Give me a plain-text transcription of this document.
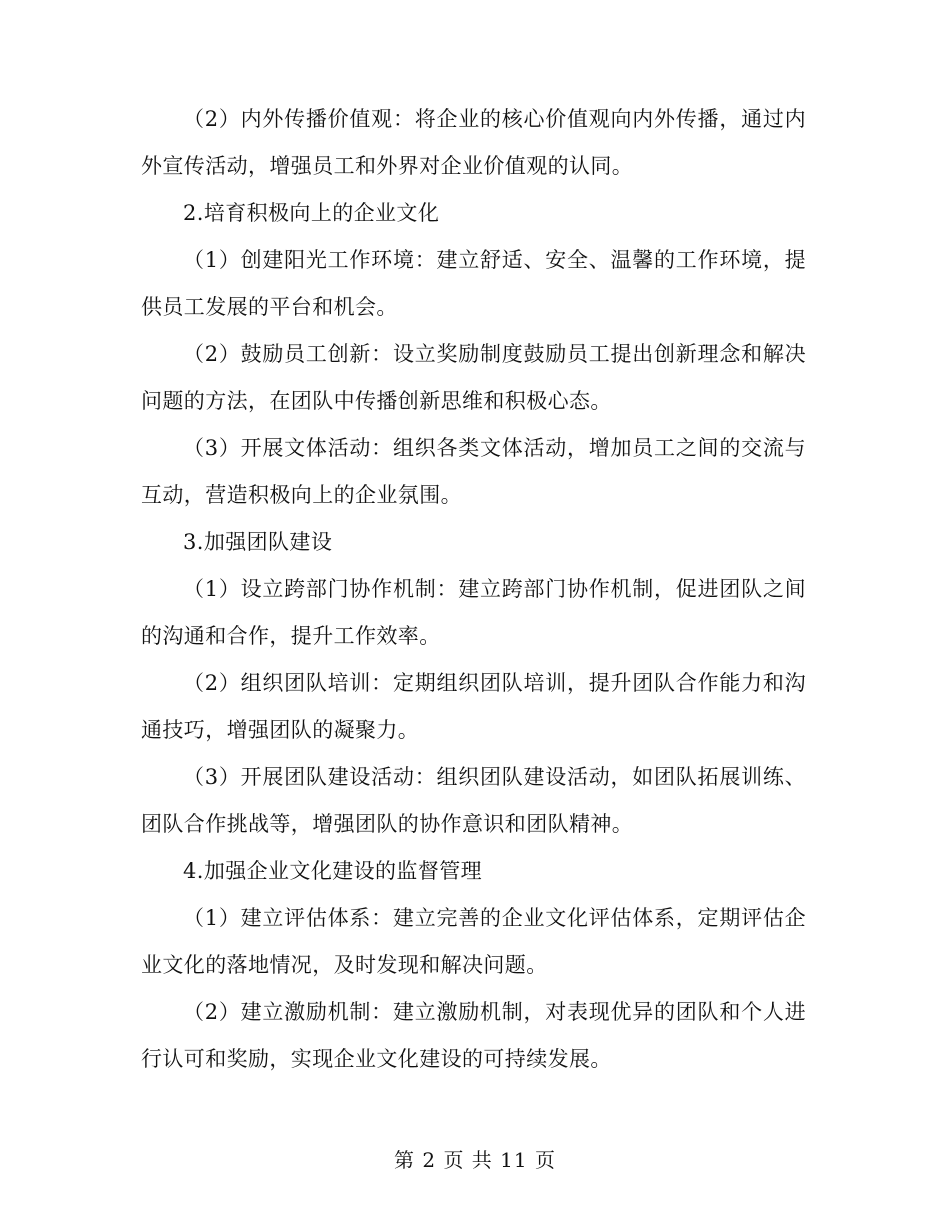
（2）内外传播价值观：将企业的核心价值观向内外传播，通过内外宣传活动，增强员工和外界对企业价值观的认同。

2.培育积极向上的企业文化

（1）创建阳光工作环境：建立舒适、安全、温馨的工作环境，提供员工发展的平台和机会。

（2）鼓励员工创新：设立奖励制度鼓励员工提出创新理念和解决问题的方法，在团队中传播创新思维和积极心态。

（3）开展文体活动：组织各类文体活动，增加员工之间的交流与互动，营造积极向上的企业氛围。

3.加强团队建设

（1）设立跨部门协作机制：建立跨部门协作机制，促进团队之间的沟通和合作，提升工作效率。

（2）组织团队培训：定期组织团队培训，提升团队合作能力和沟通技巧，增强团队的凝聚力。

（3）开展团队建设活动：组织团队建设活动，如团队拓展训练、团队合作挑战等，增强团队的协作意识和团队精神。

4.加强企业文化建设的监督管理

（1）建立评估体系：建立完善的企业文化评估体系，定期评估企业文化的落地情况，及时发现和解决问题。

（2）建立激励机制：建立激励机制，对表现优异的团队和个人进行认可和奖励，实现企业文化建设的可持续发展。

第 2 页 共 11 页
